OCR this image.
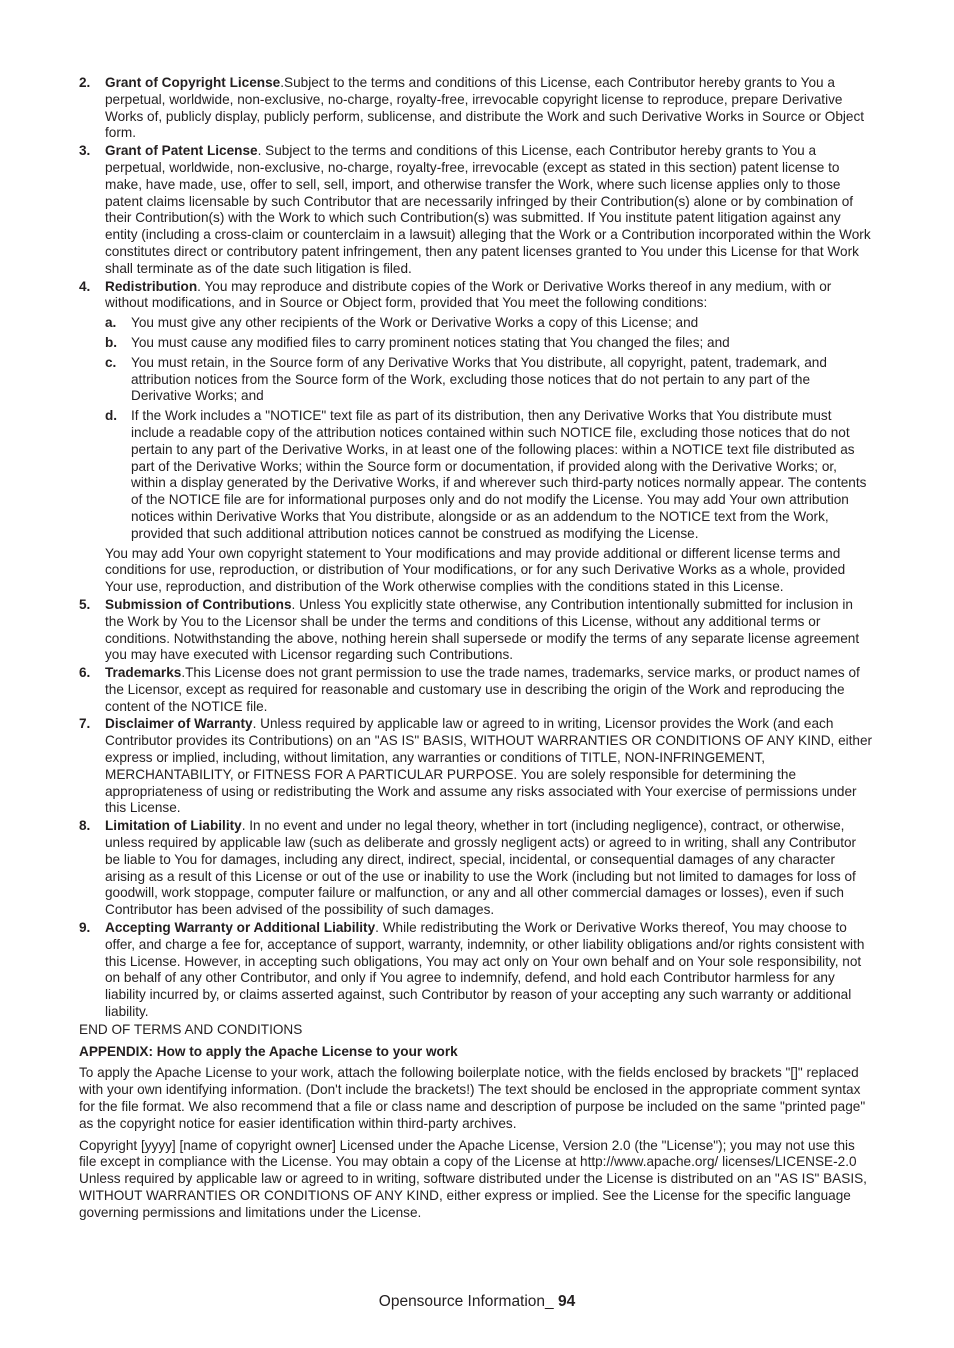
2. Grant of Copyright License.Subject to the terms and conditions of this License, each Contributor hereby grants to You a perpetual, worldwide, non-exclusive, no-charge, royalty-free, irrevocable copyright license to reproduce, prepare Derivative Works of, publicly display, publicly perform, sublicense, and distribute the Work and such Derivative Works in Source or Object form.
3. Grant of Patent License. Subject to the terms and conditions of this License, each Contributor hereby grants to You a perpetual, worldwide, non-exclusive, no-charge, royalty-free, irrevocable (except as stated in this section) patent license to make, have made, use, offer to sell, sell, import, and otherwise transfer the Work, where such license applies only to those patent claims licensable by such Contributor that are necessarily infringed by their Contribution(s) alone or by combination of their Contribution(s) with the Work to which such Contribution(s) was submitted. If You institute patent litigation against any entity (including a cross-claim or counterclaim in a lawsuit) alleging that the Work or a Contribution incorporated within the Work constitutes direct or contributory patent infringement, then any patent licenses granted to You under this License for that Work shall terminate as of the date such litigation is filed.
4. Redistribution. You may reproduce and distribute copies of the Work or Derivative Works thereof in any medium, with or without modifications, and in Source or Object form, provided that You meet the following conditions:
a. You must give any other recipients of the Work or Derivative Works a copy of this License; and
b. You must cause any modified files to carry prominent notices stating that You changed the files; and
c. You must retain, in the Source form of any Derivative Works that You distribute, all copyright, patent, trademark, and attribution notices from the Source form of the Work, excluding those notices that do not pertain to any part of the Derivative Works; and
d. If the Work includes a "NOTICE" text file as part of its distribution, then any Derivative Works that You distribute must include a readable copy of the attribution notices contained within such NOTICE file, excluding those notices that do not pertain to any part of the Derivative Works, in at least one of the following places: within a NOTICE text file distributed as part of the Derivative Works; within the Source form or documentation, if provided along with the Derivative Works; or, within a display generated by the Derivative Works, if and wherever such third-party notices normally appear. The contents of the NOTICE file are for informational purposes only and do not modify the License. You may add Your own attribution notices within Derivative Works that You distribute, alongside or as an addendum to the NOTICE text from the Work, provided that such additional attribution notices cannot be construed as modifying the License.
You may add Your own copyright statement to Your modifications and may provide additional or different license terms and conditions for use, reproduction, or distribution of Your modifications, or for any such Derivative Works as a whole, provided Your use, reproduction, and distribution of the Work otherwise complies with the conditions stated in this License.
5. Submission of Contributions. Unless You explicitly state otherwise, any Contribution intentionally submitted for inclusion in the Work by You to the Licensor shall be under the terms and conditions of this License, without any additional terms or conditions. Notwithstanding the above, nothing herein shall supersede or modify the terms of any separate license agreement you may have executed with Licensor regarding such Contributions.
6. Trademarks.This License does not grant permission to use the trade names, trademarks, service marks, or product names of the Licensor, except as required for reasonable and customary use in describing the origin of the Work and reproducing the content of the NOTICE file.
7. Disclaimer of Warranty. Unless required by applicable law or agreed to in writing, Licensor provides the Work (and each Contributor provides its Contributions) on an "AS IS" BASIS, WITHOUT WARRANTIES OR CONDITIONS OF ANY KIND, either express or implied, including, without limitation, any warranties or conditions of TITLE, NON-INFRINGEMENT, MERCHANTABILITY, or FITNESS FOR A PARTICULAR PURPOSE. You are solely responsible for determining the appropriateness of using or redistributing the Work and assume any risks associated with Your exercise of permissions under this License.
8. Limitation of Liability. In no event and under no legal theory, whether in tort (including negligence), contract, or otherwise, unless required by applicable law (such as deliberate and grossly negligent acts) or agreed to in writing, shall any Contributor be liable to You for damages, including any direct, indirect, special, incidental, or consequential damages of any character arising as a result of this License or out of the use or inability to use the Work (including but not limited to damages for loss of goodwill, work stoppage, computer failure or malfunction, or any and all other commercial damages or losses), even if such Contributor has been advised of the possibility of such damages.
9. Accepting Warranty or Additional Liability. While redistributing the Work or Derivative Works thereof, You may choose to offer, and charge a fee for, acceptance of support, warranty, indemnity, or other liability obligations and/or rights consistent with this License. However, in accepting such obligations, You may act only on Your own behalf and on Your sole responsibility, not on behalf of any other Contributor, and only if You agree to indemnify, defend, and hold each Contributor harmless for any liability incurred by, or claims asserted against, such Contributor by reason of your accepting any such warranty or additional liability.
END OF TERMS AND CONDITIONS
APPENDIX: How to apply the Apache License to your work
To apply the Apache License to your work, attach the following boilerplate notice, with the fields enclosed by brackets "[]" replaced with your own identifying information. (Don't include the brackets!) The text should be enclosed in the appropriate comment syntax for the file format. We also recommend that a file or class name and description of purpose be included on the same "printed page" as the copyright notice for easier identification within third-party archives.
Copyright [yyyy] [name of copyright owner] Licensed under the Apache License, Version 2.0 (the "License"); you may not use this file except in compliance with the License. You may obtain a copy of the License at http://www.apache.org/ licenses/LICENSE-2.0 Unless required by applicable law or agreed to in writing, software distributed under the License is distributed on an "AS IS" BASIS, WITHOUT WARRANTIES OR CONDITIONS OF ANY KIND, either express or implied. See the License for the specific language governing permissions and limitations under the License.
Opensource Information_ 94
